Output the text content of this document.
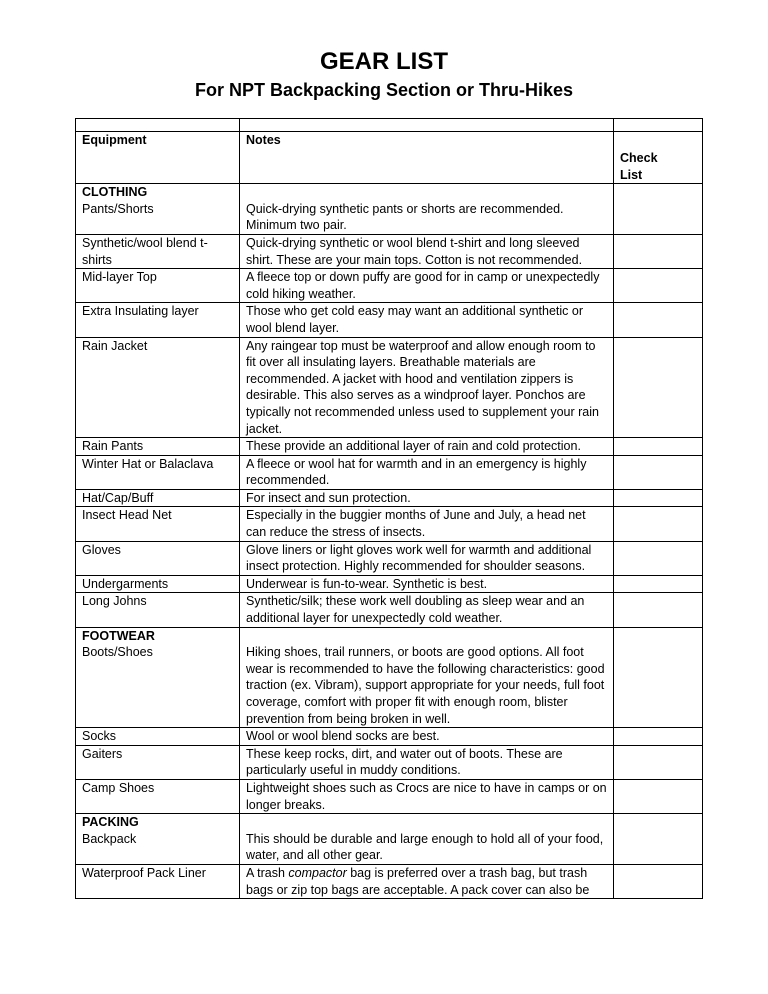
GEAR LIST
For NPT Backpacking Section or Thru-Hikes

Equipment	Notes	Check List

CLOTHING
Pants/Shorts	Quick-drying synthetic pants or shorts are recommended. Minimum two pair.	
Synthetic/wool blend t-shirts	Quick-drying synthetic or wool blend t-shirt and long sleeved shirt. These are your main tops. Cotton is not recommended.	
Mid-layer Top	A fleece top or down puffy are good for in camp or unexpectedly cold hiking weather.	
Extra Insulating layer	Those who get cold easy may want an additional synthetic or wool blend layer.	
Rain Jacket	Any raingear top must be waterproof and allow enough room to fit over all insulating layers. Breathable materials are recommended. A jacket with hood and ventilation zippers is desirable. This also serves as a windproof layer. Ponchos are typically not recommended unless used to supplement your rain jacket.	
Rain Pants	These provide an additional layer of rain and cold protection.	
Winter Hat or Balaclava	A fleece or wool hat for warmth and in an emergency is highly recommended.	
Hat/Cap/Buff	For insect and sun protection.	
Insect Head Net	Especially in the buggier months of June and July, a head net can reduce the stress of insects.	
Gloves	Glove liners or light gloves work well for warmth and additional insect protection. Highly recommended for shoulder seasons.	
Undergarments	Underwear is fun-to-wear. Synthetic is best.	
Long Johns	Synthetic/silk; these work well doubling as sleep wear and an additional layer for unexpectedly cold weather.	

FOOTWEAR
Boots/Shoes	Hiking shoes, trail runners, or boots are good options. All foot wear is recommended to have the following characteristics: good traction (ex. Vibram), support appropriate for your needs, full foot coverage, comfort with proper fit with enough room, blister prevention from being broken in well.	
Socks	Wool or wool blend socks are best.	
Gaiters	These keep rocks, dirt, and water out of boots. These are particularly useful in muddy conditions.	
Camp Shoes	Lightweight shoes such as Crocs are nice to have in camps or on longer breaks.	

PACKING
Backpack	This should be durable and large enough to hold all of your food, water, and all other gear.	
Waterproof Pack Liner	A trash compactor bag is preferred over a trash bag, but trash bags or zip top bags are acceptable. A pack cover can also be	
